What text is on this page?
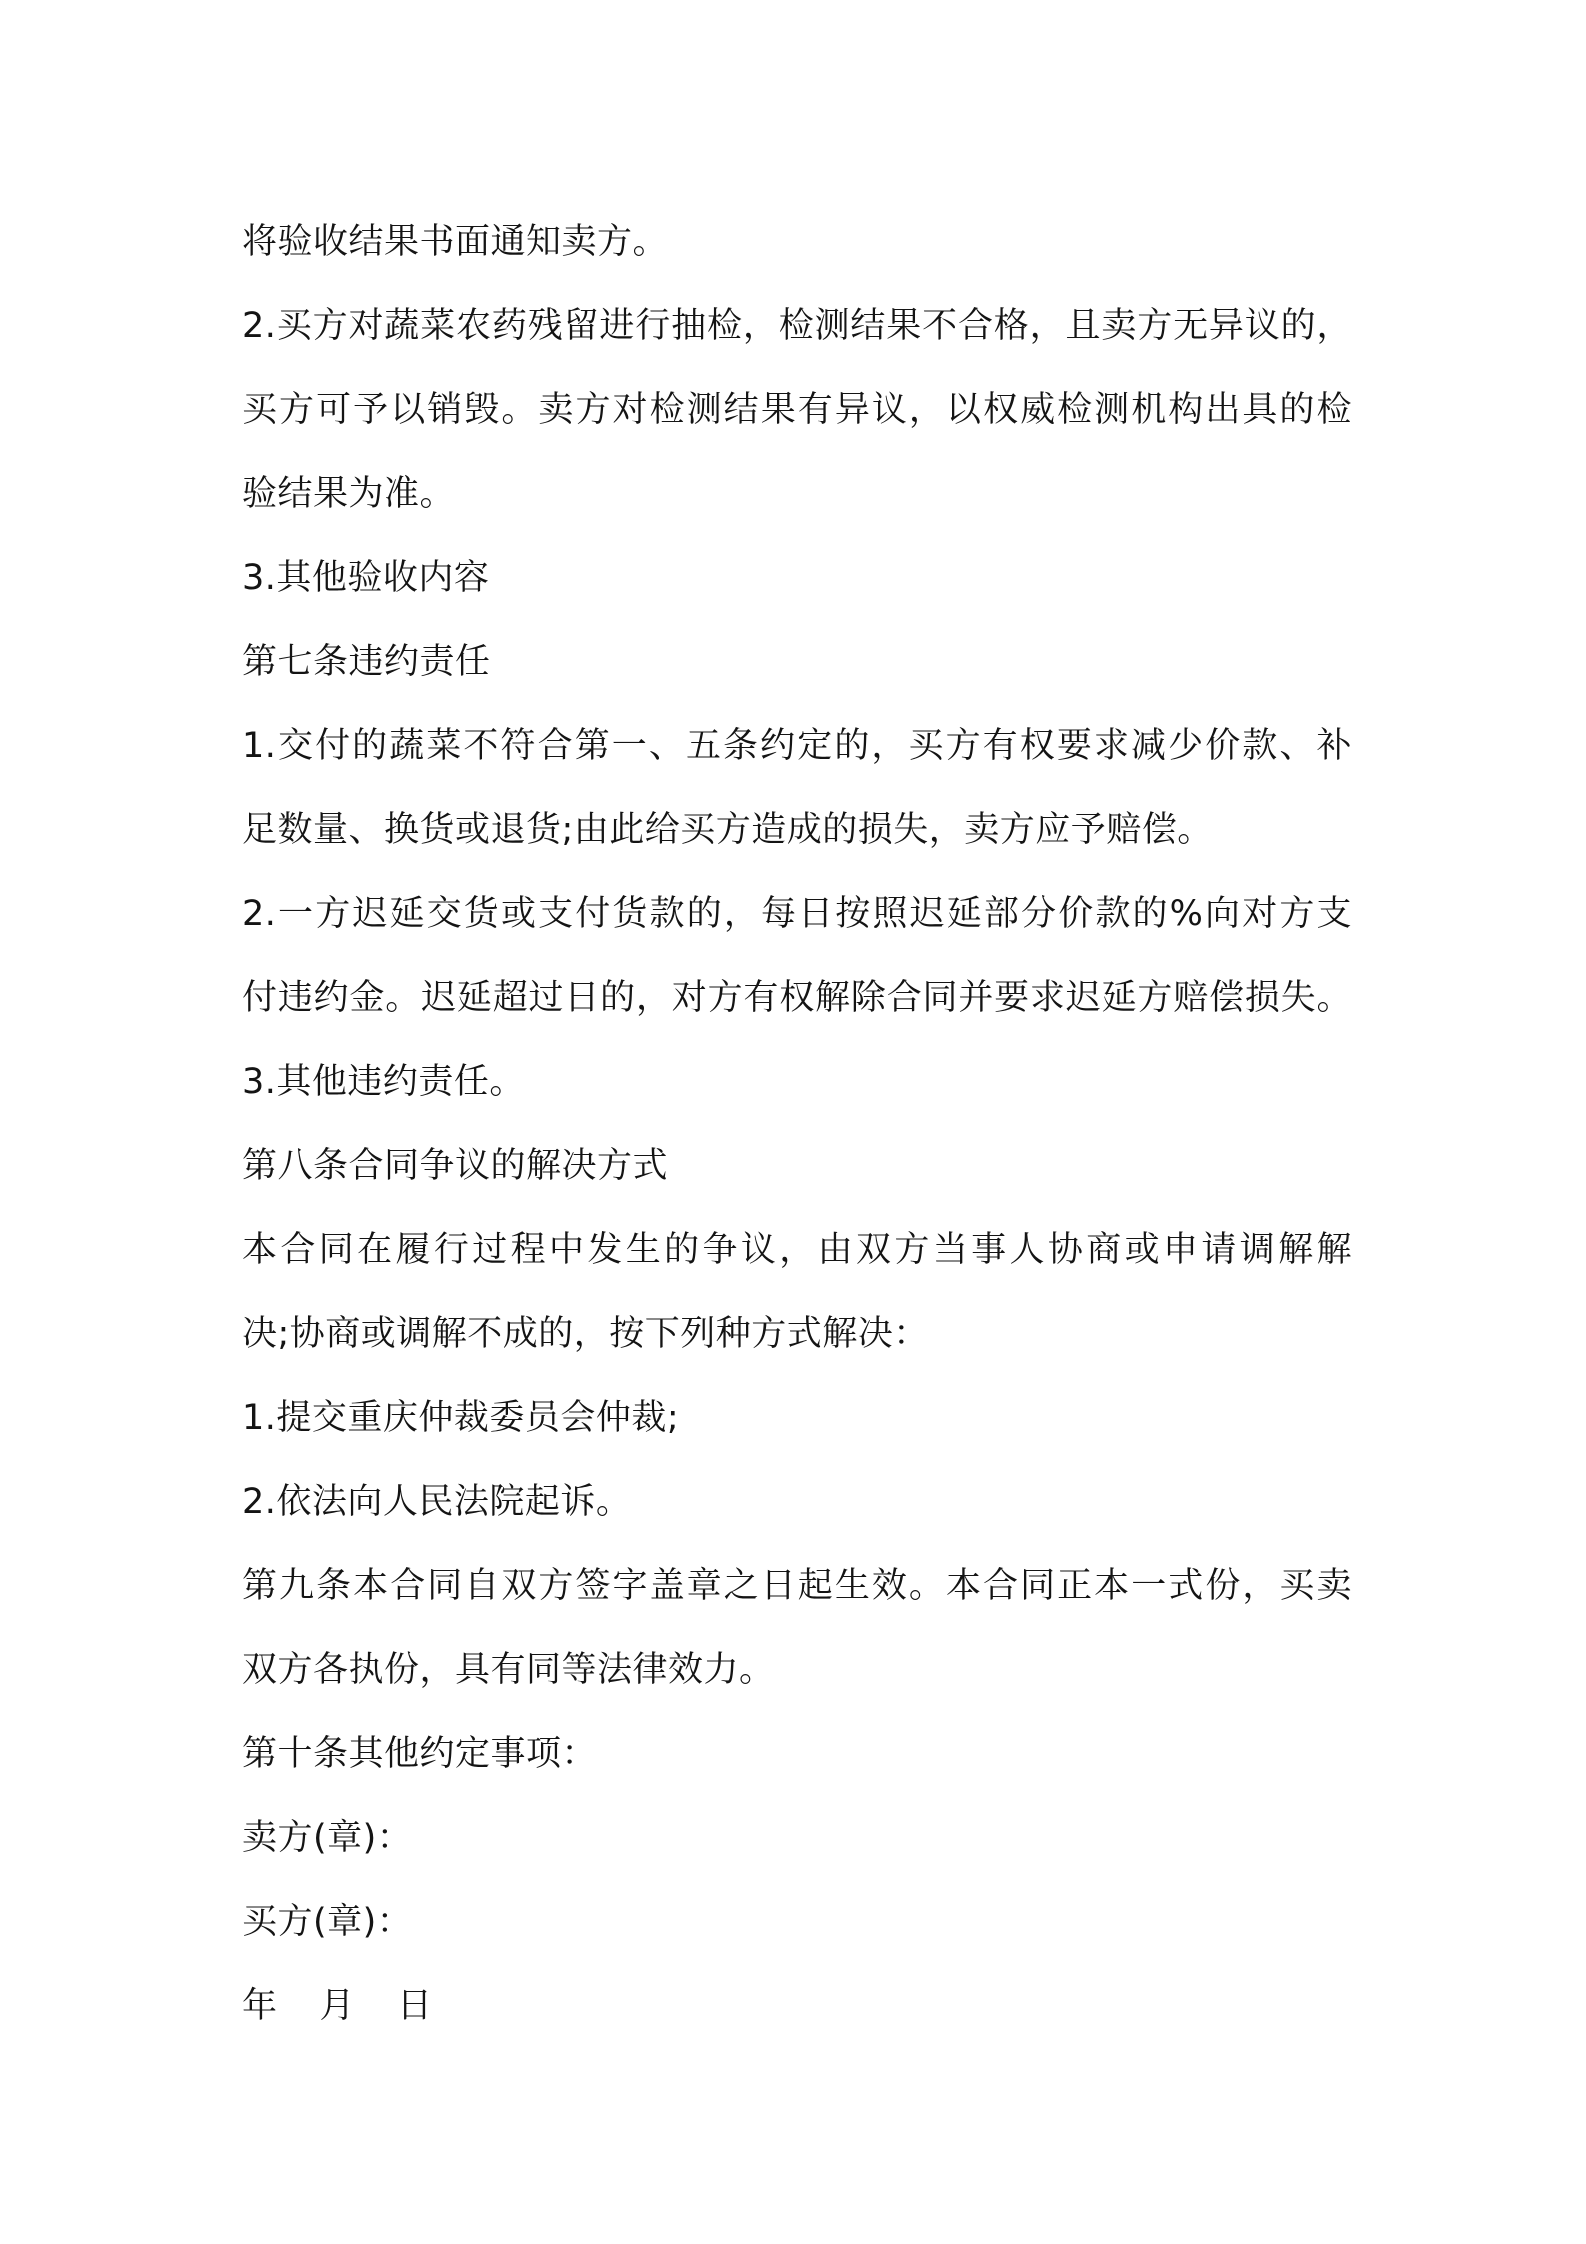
将验收结果书面通知卖方。
2.买方对蔬菜农药残留进行抽检，检测结果不合格，且卖方无异议的，
买方可予以销毁。卖方对检测结果有异议，以权威检测机构出具的检
验结果为准。
3.其他验收内容
第七条违约责任
1.交付的蔬菜不符合第一、五条约定的，买方有权要求减少价款、补
足数量、换货或退货;由此给买方造成的损失，卖方应予赔偿。
2.一方迟延交货或支付货款的，每日按照迟延部分价款的%向对方支
付违约金。迟延超过日的，对方有权解除合同并要求迟延方赔偿损失。
3.其他违约责任。
第八条合同争议的解决方式
本合同在履行过程中发生的争议，由双方当事人协商或申请调解解
决;协商或调解不成的，按下列种方式解决：
1.提交重庆仲裁委员会仲裁;
2.依法向人民法院起诉。
第九条本合同自双方签字盖章之日起生效。本合同正本一式份，买卖
双方各执份，具有同等法律效力。
第十条其他约定事项：
卖方(章)：
买方(章)：
年 月 日
